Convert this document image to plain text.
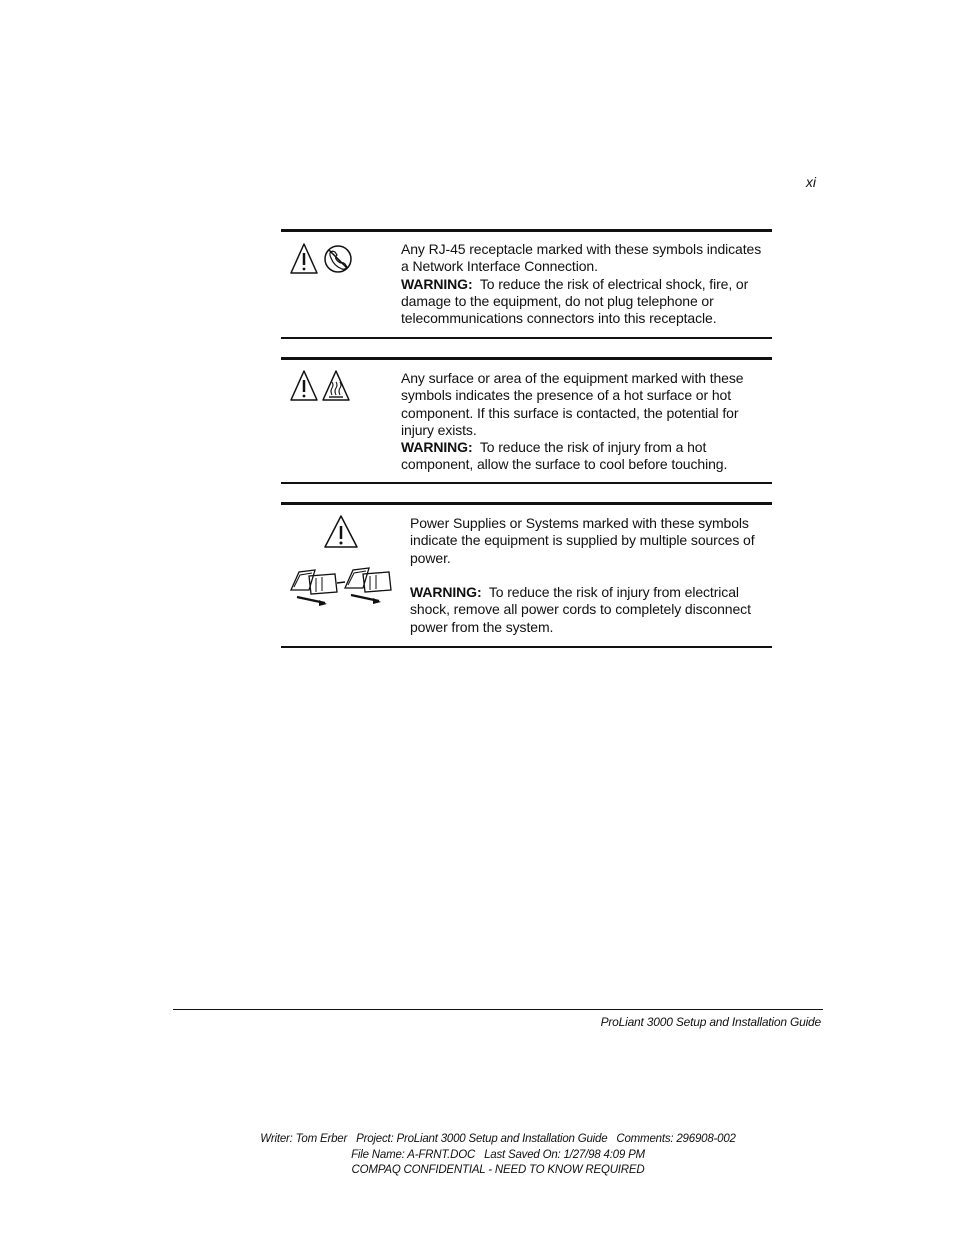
xi

Any RJ-45 receptacle marked with these symbols indicates a Network Interface Connection.

WARNING: To reduce the risk of electrical shock, fire, or damage to the equipment, do not plug telephone or telecommunications connectors into this receptacle.

Any surface or area of the equipment marked with these symbols indicates the presence of a hot surface or hot component. If this surface is contacted, the potential for injury exists.

WARNING: To reduce the risk of injury from a hot component, allow the surface to cool before touching.

Power Supplies or Systems marked with these symbols indicate the equipment is supplied by multiple sources of power.

WARNING: To reduce the risk of injury from electrical shock, remove all power cords to completely disconnect power from the system.

ProLiant 3000 Setup and Installation Guide
Writer: Tom Erber   Project: ProLiant 3000 Setup and Installation Guide   Comments: 296908-002
File Name: A-FRNT.DOC   Last Saved On: 1/27/98 4:09 PM
COMPAQ CONFIDENTIAL - NEED TO KNOW REQUIRED
